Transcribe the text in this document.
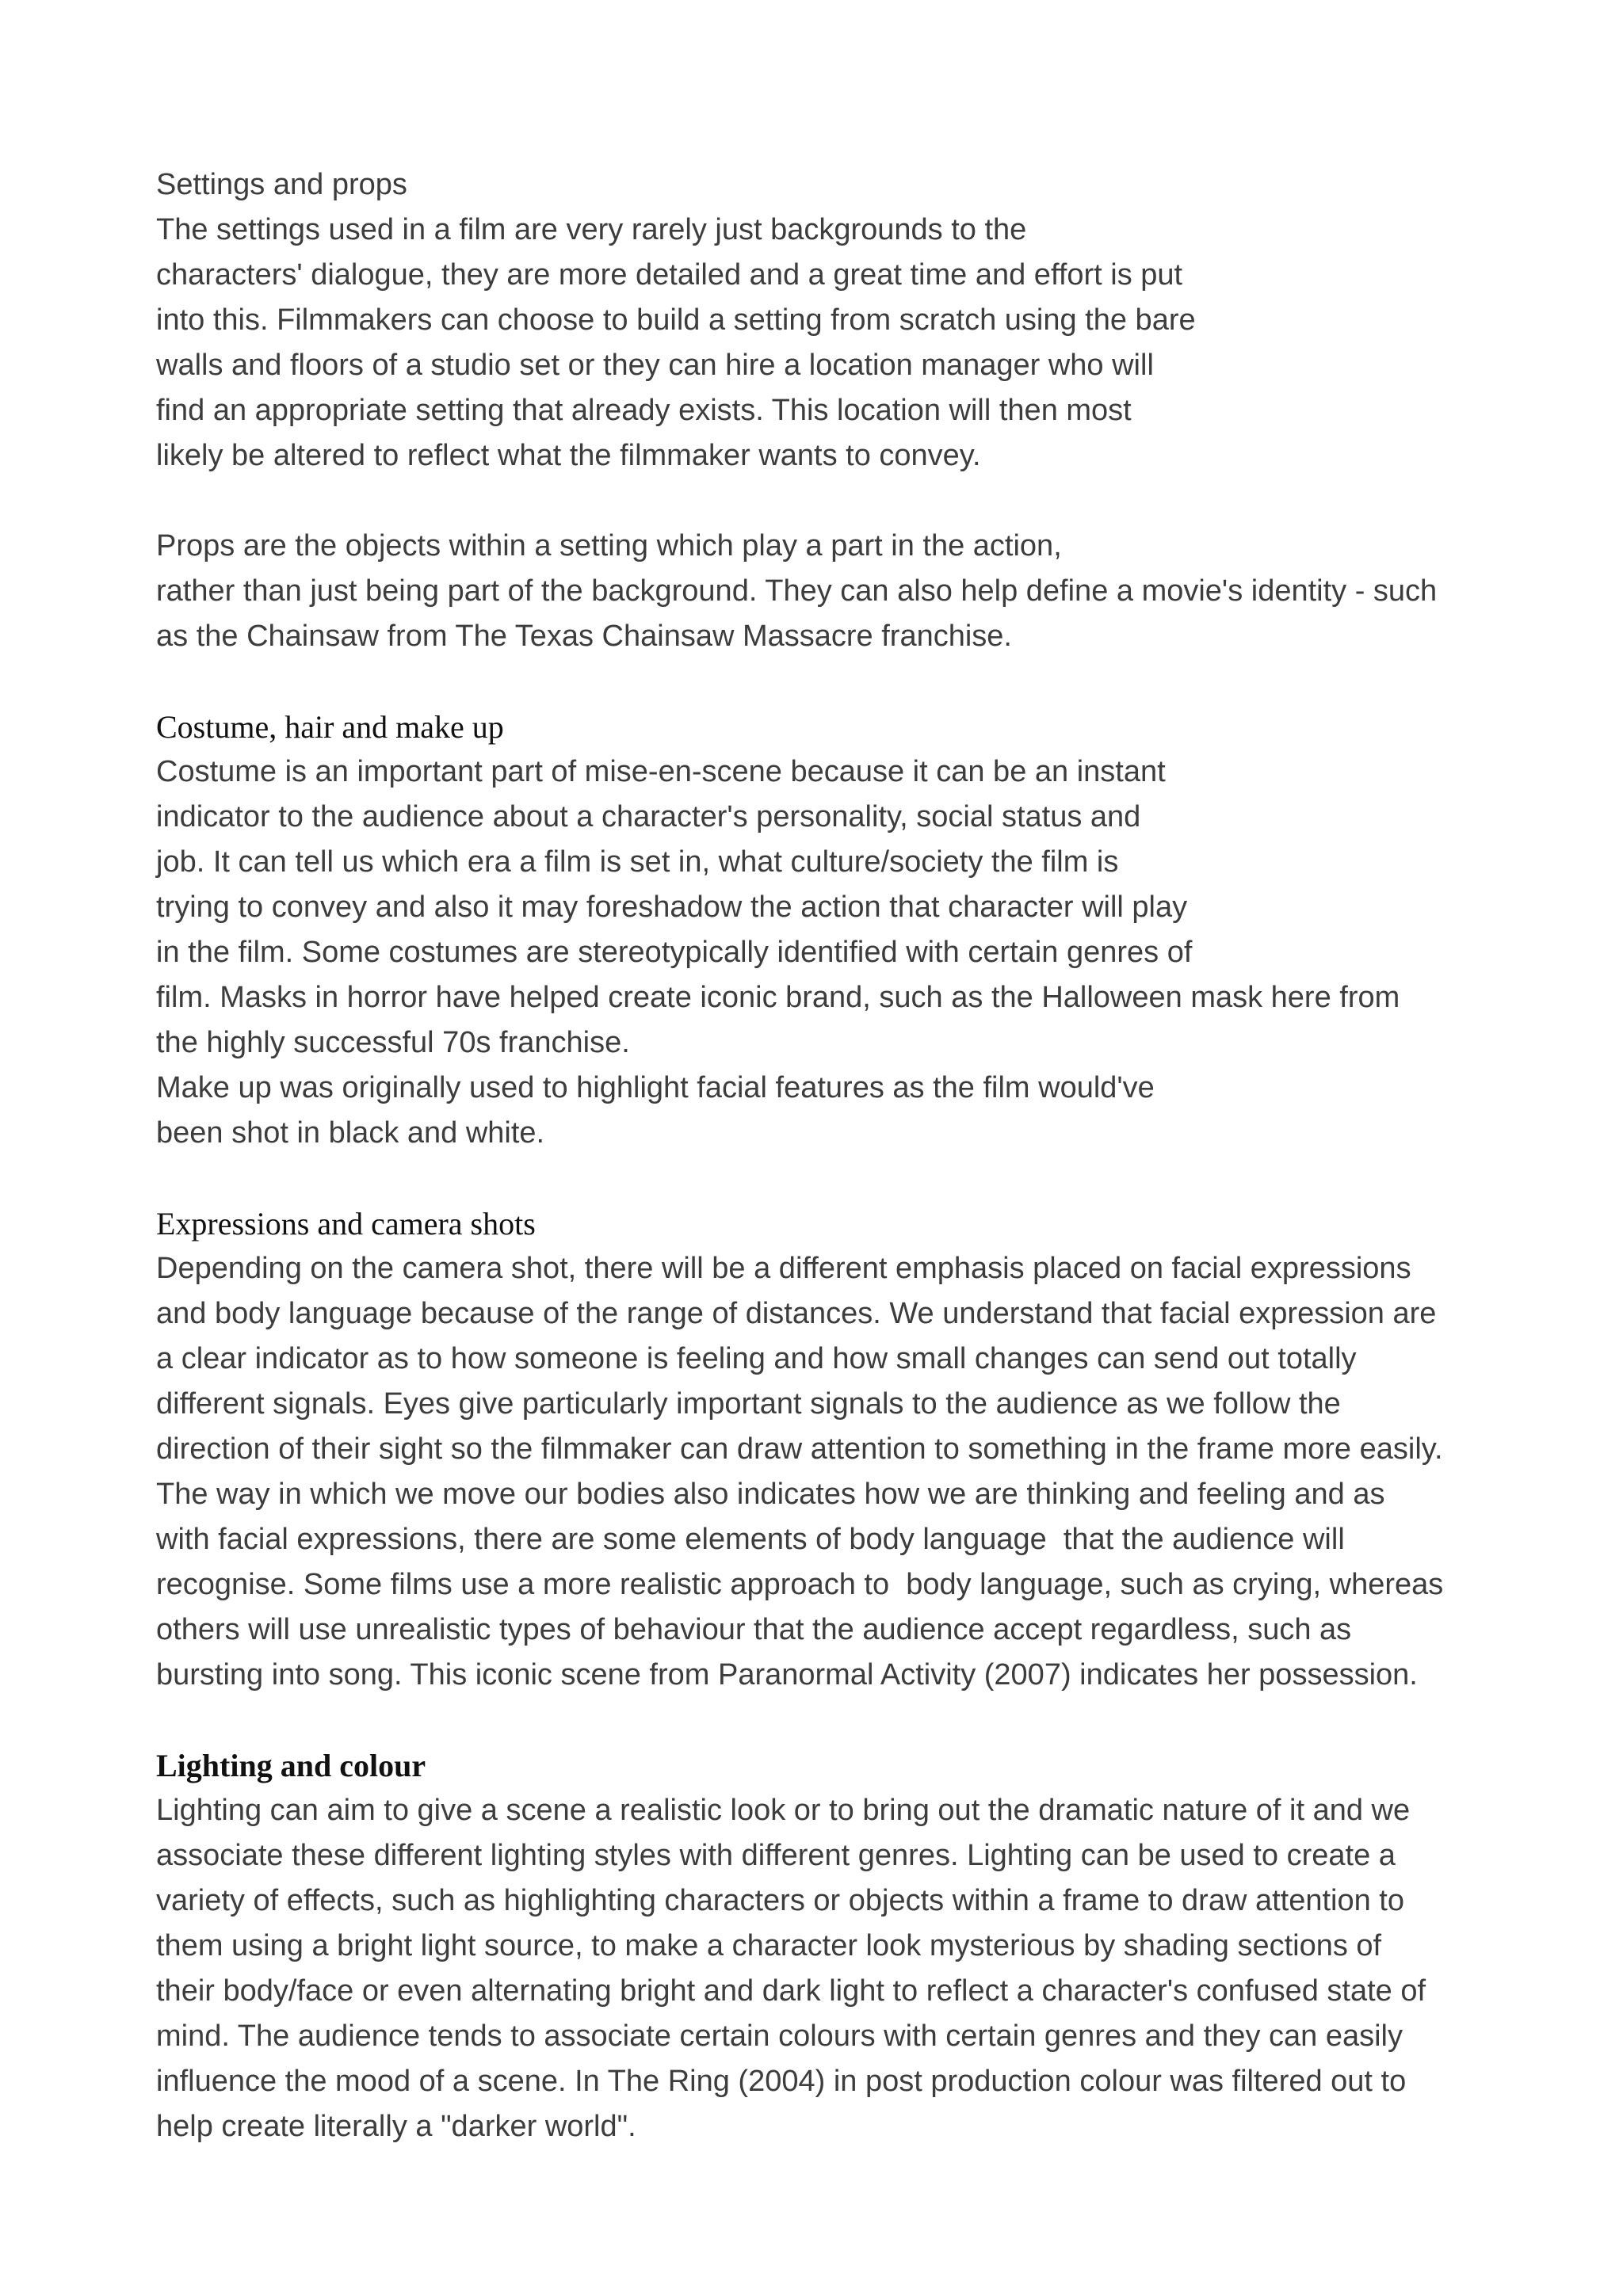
Settings and props
The settings used in a film are very rarely just backgrounds to the
characters' dialogue, they are more detailed and a great time and effort is put
into this. Filmmakers can choose to build a setting from scratch using the bare
walls and floors of a studio set or they can hire a location manager who will
find an appropriate setting that already exists. This location will then most
likely be altered to reflect what the filmmaker wants to convey.
Props are the objects within a setting which play a part in the action,
rather than just being part of the background. They can also help define a movie's identity - such
as the Chainsaw from The Texas Chainsaw Massacre franchise.
Costume, hair and make up
Costume is an important part of mise-en-scene because it can be an instant
indicator to the audience about a character's personality, social status and
job. It can tell us which era a film is set in, what culture/society the film is
trying to convey and also it may foreshadow the action that character will play
in the film. Some costumes are stereotypically identified with certain genres of
film. Masks in horror have helped create iconic brand, such as the Halloween mask here from
the highly successful 70s franchise.
Make up was originally used to highlight facial features as the film would've
been shot in black and white.
Expressions and camera shots
Depending on the camera shot, there will be a different emphasis placed on facial expressions
and body language because of the range of distances. We understand that facial expression are
a clear indicator as to how someone is feeling and how small changes can send out totally
different signals. Eyes give particularly important signals to the audience as we follow the
direction of their sight so the filmmaker can draw attention to something in the frame more easily.
The way in which we move our bodies also indicates how we are thinking and feeling and as
with facial expressions, there are some elements of body language  that the audience will
recognise. Some films use a more realistic approach to  body language, such as crying, whereas
others will use unrealistic types of behaviour that the audience accept regardless, such as
bursting into song. This iconic scene from Paranormal Activity (2007) indicates her possession.
Lighting and colour
Lighting can aim to give a scene a realistic look or to bring out the dramatic nature of it and we
associate these different lighting styles with different genres. Lighting can be used to create a
variety of effects, such as highlighting characters or objects within a frame to draw attention to
them using a bright light source, to make a character look mysterious by shading sections of
their body/face or even alternating bright and dark light to reflect a character's confused state of
mind. The audience tends to associate certain colours with certain genres and they can easily
influence the mood of a scene. In The Ring (2004) in post production colour was filtered out to
help create literally a "darker world".
